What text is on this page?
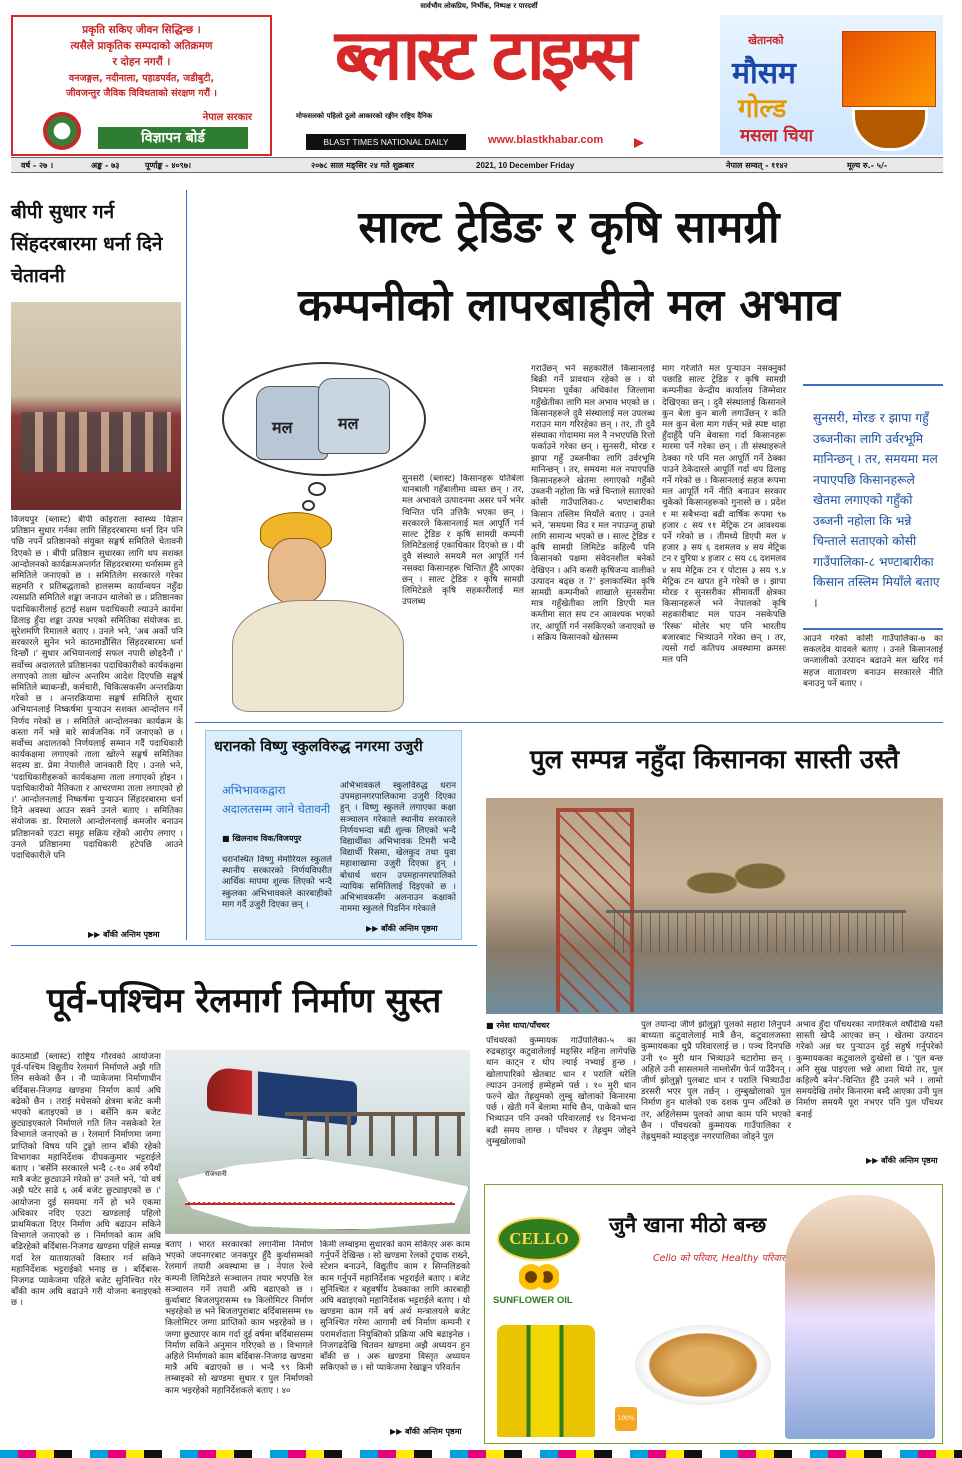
प्रकृति सकिए जीवन सिद्धिन्छ ।
त्यसैले प्राकृतिक सम्पदाको अतिक्रमण
र दोहन नगरौं ।
वनजङ्गल, नदीनाला, पहाडपर्वत, जडीबुटी,
जीवजन्तुर जैविक विविधताको संरक्षण गरौं ।
नेपाल सरकार
विज्ञापन बोर्ड
सार्वभौम लोकप्रिय, निर्भीक, निष्पक्ष र पारदर्शी
ब्लास्ट टाइम्स
मोफसलको पहिलो ठूलो आकारको रङ्गीन राष्ट्रिय दैनिक
BLAST TIMES NATIONAL DAILY	www.blastkhabar.com
खेतानको
मौसम
गोल्ड
मसला चिया
वर्ष - २७ ।	अङ्क - ७३	पूर्णाङ्क - ४०९७।	२०७८ साल मङ्सिर २४ गते शुक्रबार	2021, 10 December Friday	नेपाल सम्वत् - ११४२	मूल्य रु.- ५/-
बीपी सुधार गर्न सिंहदरबारमा धर्ना दिने चेतावनी
विजयपुर (ब्लास्ट) बीपी कोइराला स्वास्थ्य विज्ञान प्रतिष्ठान सुधार गर्नका लागि सिंहदरबारमा धर्ना दिन पनि पछि नपर्ने प्रतिष्ठानको संयुक्त सङ्घर्ष समितिले चेतावनी दिएको छ । बीपी प्रतिष्ठान सुधारका लागि थप सशक्त आन्दोलनको कार्यक्रमअन्तर्गत सिंहदरबारमा धर्नासम्म हुने समितिले जनाएको छ । समितिलेग सरकारले गरेका सहमति र प्रतिबद्धताको हालसम्म कार्यान्वयन नहुँदा त्यसप्रति समितिले शङ्का जनाउन थालेको छ । प्रतिष्ठानका पदाधिकारीलाई हटाई सक्षम पदाधिकारी ल्याउने कार्यमा ढिलाइ हुँदा शङ्का उत्पन्न भएको समितिका संयोजक डा. सुरेशमणि रिमालले बताए । उनले भने, 'अब अर्को पनि सरकारले सुनेन भने काठमाडौंसित सिंहदरबारमा धर्ना दिन्छौं ।' सुधार अभियानलाई सफल नपारी छोड्दैनौं ।' सर्वोच्च अदालतले प्रतिष्ठानका पदाधिकारीको कार्यकक्षमा लगाएको ताला खोल्न अन्तरिम आदेश दिएपछि सङ्घर्ष समितिले ब्याकन्डी, कर्मचारी, चिकित्सकसँग अन्तरक्रिया गरेको छ । अन्तरक्रियामा सङ्घर्ष समितिले सुधार अभियानलाई निष्कर्षमा पुऱ्याउन सशक्त आन्दोलन गर्ने निर्णय गरेको छ । समितिले आन्दोलनका कार्यक्रम के कस्ता गर्ने भन्ने बारे सार्वजनिक गर्ने जनाएको छ । सर्वोच्च अदालतको निर्णयलाई सम्मान गर्दै पदाधिकारी कार्यकक्षमा लगाएको ताला खोल्ने सङ्घर्ष समितिका सदस्य डा. प्रेमा नेपालीले जानकारी दिए । उनले भने, 'पदाधिकारीहरूको कार्यकक्षमा ताला लगाएको होइन । पदाधिकारीको नैतिकता र आचरणमा ताला लगाएको हो ।' आन्दोलनलाई निष्कर्षमा पुऱ्याउन सिंहदरबारमा धर्ना दिने अवस्था आउन सक्ने उनले बताए । समितिका संयोजक डा. रिमालले आन्दोलनलाई कमजोर बनाउन प्रतिष्ठानको एउटा समूह सक्रिय रहेको आरोप लगाए । उनले प्रतिष्ठानमा पदाधिकारी हटेपछि आउने पदाधिकारीले पनि
▶▶ बाँकी अन्तिम पृष्ठमा
साल्ट ट्रेडिङ र कृषि सामग्री
कम्पनीको लापरबाहीले मल अभाव
मल	मल
सुनसरी (ब्लास्ट) किसानहरू यतिबेला धानबाली गहँबालीमा व्यस्त छन् । तर, मल अभावले उत्पादनमा असर पर्ने भनेर चिन्तित पनि उत्तिकै भएका छन् । सरकारले किसानलाई मल आपूर्ति गर्न साल्ट ट्रेडिङ र कृषि सामग्री कम्पनी लिमिटेडलाई एकाधिकार दिएको छ । यी दुवै संस्थाले समयमै मल आपूर्ति गर्न नसक्दा किसानहरू चिन्तित हुँदै आएका छन् । साल्ट ट्रेडिङ र कृषि सामग्री लिमिटेडले कृषि सहकारीलाई मल उपलब्ध
गराउँछन् भने सहकारीले किसानलाई बिक्री गर्ने प्रावधान रहेको छ । यो नियमना पूर्वका अधिकांश जिल्लामा गहुँखेतीका लागि मल अभाव भएको छ । किसानहरूले दुवै संस्थालाई मल उपलब्ध गराउन माग गरिरहेका छन् । तर, ती दुवै संस्थाका गोदाममा मल नै नभएपछि रित्तो फर्काउने गरेका छन् । सुनसरी, मोरङ र झापा गहुँ उब्जनीका लागि उर्वरभूमि मानिन्छन् । तर, समयमा मल नपाएपछि किसानहरूले खेतमा लगाएको गहुँको उब्जनी नहोला कि भन्ने चिन्ताले सताएको कोसी गाउँपालिका-८ भण्टाबारीका किसान तस्लिम मियाँले बताए । उनले भने, 'समयमा विउ र मल नपाउन्जु हाम्रो लागि सामान्य भएको छ । साल्ट ट्रेडिङ र कृषि सामग्री लिमिटेड कहिल्यै पनि किसानको पक्षमा संवेदनशील बनेको देखिएन । अनि कसरी कृषिजन्य वालीको उत्पादन बढ्छ त ?' इलाकास्थित कृषि सामग्री कम्पनीको शाखाले सुनसरीमा मात्र गहुँखेतीका लागि डिएपी मल कम्तीमा सात सय टन आवश्यक भएको तर, आपूर्ति गर्न नसकिएको जनाएको छ । सक्रिय किसानको खेतसम्म
माग गरेजति मल पुऱ्याउन नसक्नुको पछाडि साल्ट ट्रेडिङ र कृषि सामग्री कम्पनीका केन्द्रीय कार्यालय जिम्मेवार देखिएका छन् । दुवै संस्थालाई किसानले कुन बेला कुन बाली लगाउँछन् र कति मल कुन बेला माग गर्छन् भन्ने स्पष्ट थाहा हुँदाहुँदै पनि बेवास्ता गर्दा किसानहरू मारमा पर्ने गरेका छन् । ती संस्थाहरूले ठेक्का गरे पनि मल आपूर्ति गर्ने ठेक्का पाउने ठेकेदारले आपूर्ति गर्दा थप ढिलाइ गर्ने गरेको छ । किसानलाई सहज रूपमा मल आपूर्ति गर्ने नीति बनाउन सरकार चुकेको किसानहरूको गुनासो छ । प्रदेश १ मा सबैभन्दा बढी वार्षिक रूपमा ९७ हजार ८ सय ११ मेट्रिक टन आवश्यक पर्ने गरेको छ । तीमध्ये डिएपी मल ४ हजार ३ सय ६ दशमलव ४ सय मेट्रिक टन र युरिया ४ हजार ८ सय ८६ दशमलव ४ सय मेट्रिक टन र पोटास ३ सय ९.४ मेट्रिक टन खपत हुने गरेको छ । झापा मोरङ र सुनसरीका सीमावर्ती क्षेत्रका किसानहरूले भने नेपालको कृषि सहकारीबाट मल पाउन नसकेपछि 'रिस्क' मोलेर भए पनि भारतीय बजारबाट भित्र्याउने गरेका छन् । तर, त्यसो गर्दा कतिपय अवस्थामा क्रमसः मल पनि
सुनसरी, मोरङ र झापा गहुँ उब्जनीका लागि उर्वरभूमि मानिन्छन् । तर, समयमा मल नपाएपछि किसानहरूले खेतमा लगाएको गहुँको उब्जनी नहोला कि भन्ने चिन्ताले सताएको कोसी गाउँपालिका-८ भण्टाबारीका किसान तस्लिम मियाँले बताए ।
आउने गरेको कोसी गाउँपालिका-७ का सकलदेव यादवले बताए । उनले किसानलाई जन्जालीको उत्पादन बढाउने मल खरिद गर्न सहज वातावरण बनाउन सरकारले नीति बनाउनु पर्ने बताए ।
धरानको विष्णु स्कुलविरुद्ध नगरमा उजुरी
अभिभावकद्वारा
अदालतसम्म जाने चेतावनी
■ खिलनाथ विक/विजयपुर
धरानस्थित विष्णु मेमोरियल स्कुलले स्थानीय सरकारको निर्णयविपरीत आर्थिक मापमा शुल्क लिएको भन्दै स्कुलका अभिभावकले कारबाहीको माग गर्दै उजुरी दिएका छन् ।
अभिभावकले स्कुलविरुद्ध धरान उपमहानगरपालिकामा उजुरी दिएका हुन् । विष्णु स्कुलले लगाएका कक्षा सञ्चालन गरेकाले स्थानीय सरकारले निर्णयभन्दा बढी शुल्क लिएको भन्दै विद्यार्थीका अभिभावक टिमरी भन्दै विद्यार्थी रिसमा, खेलकुद तथा युवा महाशाखामा उजुरी दिएका हुन् । बोधार्थ धरान उपमहानगरपालिको न्यायिक समितिलाई दिइएको छ । अभिभावकसँग अलनाउन कक्षाको नाममा स्कुलले पिडनिन गरेकाले
▶▶ बाँकी अन्तिम पृष्ठमा
पुल सम्पन्न नहुँदा किसानका सास्ती उस्तै
■ रमेश थापा/पाँचथर
पाँचथरको कुम्मायक गाउँपालिका-५ का रुद्रबहादुर कटुवालेलाई मङ्सिर महिना लागेपछि धान काट्न र घोप ल्याई नभ्याई हुन्छ । खोलापारिको खेतबाट धान र परालि धरेलि ल्याउन उनलाई हम्मेहम्मे पर्छ । १० मुरी धान फल्ने खेत तेह्रथुमको लुम्बु खोलाको किनारमा पर्छ । खेती गर्ने बेलामा माथि छैन, पाकेको धान भित्र्याउन पनि उनको परिवारलाई १४ दिनभन्दा बढी समय लाग्छ । पाँचथर र तेह्रथुम जोड्ने लुम्बुखोलाको
पुल तयान्दा जीर्ण झोलुङ्गो पुलको सहारा लिनुपर्ने बाध्यता कटुवालेलाई मात्रै छैन, कटुवालजस्ता कुम्मायकका थुप्रै परिवारलाई छ । पञ्च दिनपछि उनी १० मुरी धान भित्र्याउने चटारोमा छन् । अहिले उनी सासलमले नाम्लोसँग फेर्न पाउँदैनन् । जीर्ण झोलुङ्गो पुलबाट धान र परालि भित्र्याउँदा डरसरी भएर पुल तर्छन् । लुम्बुखोलाको पुल निर्माण हुन थालेको एक दशक पुग्न आँटेको छ तर, अहिलेसम्म पुलको आधा काम पनि भएको छैन । पाँचथरको कुम्मायक गाउँपालिका र तेह्रथुमको म्याङ्लुङ नगरपालिका जोड्ने पुल
अभाव हुँदा पाँचथरका नागरिकले वर्षौंदेखि यस्तै सास्ती खेप्दै आएका छन् । खेतमा उत्पादन गरेको अन्न घर पुऱ्याउन दुई सहुर्ष गर्नुपरेको कुम्मायकका कटुवालले दुःखेसो छ । 'पुल बन्छ अनि सुख पाइएला भन्ने आशा थियो तर, पुल कहिल्यै बनेन'-चिन्तित हुँदै उनले भने । लामो समयदेखि तमोर किनारमा बस्दै आएका उनी पुल निर्माण समयमै पूरा नभएर पनि पुल पाँचथर बनाई
▶▶ बाँकी अन्तिम पृष्ठमा
पूर्व-पश्चिम रेलमार्ग निर्माण सुस्त
काठमाडौं (ब्लास्ट) राष्ट्रिय गौरवको आयोजना पूर्व-पश्चिम विद्युतीय रेलमार्ग निर्माणले अझै गति लिन सकेको छैन । नौ प्याकेजमा निर्माणाधीन बर्दिबास-निजगढ खण्डमा निर्माण कार्य अघि बढेको छैन । तराई मधेसको क्षेत्रमा बजेट कमी भएको बताइएको छ । बर्सेनि कम बजेट छुट्याइएकाले निर्माणले गति लिन नसकेको रेल विभागले जनाएको छ । रेलमार्ग निर्माणमा जग्गा प्राप्तिको विषय पनि टुङ्गो लाग्न बाँकी रहेको विभागका महानिर्देशक दीपककुमार भट्टराईले बताए । 'बर्सेनि सरकारले भन्दै ८-१० अर्ब रुपैयाँ मात्रै बजेट छुट्याउने गरेको छ' उनले भने, 'यो वर्ष अझै घटेर साढे ६ अर्ब बजेट छुट्याइएको छ ।' आयोजना दुई समयमा गर्ने हो भने एकमा अधिकार नदिए एउटा खण्डलाई पहिलो प्राथमिकता दिएर निर्माण अघि बढाउन सकिने विभागले जनाएको छ । निर्माणको काम अघि बढिरहेको बर्दिबास-निजगढ खण्डमा पहिले सम्पन्न गर्दा रेल यातायातको विस्तार गर्न सकिने महानिर्देशक भट्टराईको भनाइ छ । बर्दिबास-निजगढ प्याकेजमा पहिले बजेट सुनिश्चित गरेर बाँकी काम अघि बढाउने गरी योजना बनाइएको छ ।
राजधानी
बताए । भारत सरकारको लगानीमा निर्माण भएको जयनगरबाट जनकपुर हुँदै कुर्थासम्मको रेलमार्ग तयारी अवस्थामा छ । नेपाल रेल्वे कम्पनी लिमिटेडले सञ्चालन तयार भएपछि रेल सञ्चालन गर्ने तयारी अघि बढाएको छ । कुर्थाबाट बिजलपुरासम्म १७ किलोमिटर निर्माण भइरहेको छ भने बिजलपुराबाट बर्दिबाससम्म १७ किलोमिटर जग्गा प्राप्तिको काम भइरहेको छ । जग्गा छुट्याएर काम गर्दा दुई वर्षमा बर्दिबाससम्म निर्माण सकिने अनुमान गरिएको छ । विभागले अहिले निर्माणको काम बर्दिबास-निजगढ खण्डमा मात्रै अघि बढाएको छ । भन्दै ९९ किमी लम्बाइको सो खण्डमा सुधार र पुल निर्माणको काम भइरहेको महानिर्देशकले बताए । ४०
किमी लम्बाइमा सुधारको काम सकिएर अरू काम गर्नुपर्ने देखिन्छ । सो खण्डमा रेलको ट्र्याक राख्ने, स्टेशन बनाउने, विद्युतीय काम र सिग्नलिङको काम गर्नुपर्ने महानिर्देशक भट्टराईले बताए । बजेट सुनिश्चित र बहुवर्षीय ठेक्काका लागि कारबाही अघि बढाइएको महानिर्देशक भट्टराईले बताए । यो खण्डमा काम गर्ने बर्ष अर्थ मन्त्रालयले बजेट सुनिश्चित गरेमा आगामी वर्ष निर्माण कम्पनी र परामर्शदाता नियुक्तिको प्रक्रिया अघि बढाइनेछ । निजगढदेखि चितवन खण्डमा अझै अध्ययन हुन बाँकी छ । अरू खण्डमा विस्तृत अध्ययन सकिएको छ । सो प्याकेजमा रेखाङ्कन परिवर्तन
▶▶ बाँकी अन्तिम पृष्ठमा
CELLO
SUNFLOWER OIL
जुनै खाना मीठो बन्छ
Cello को परिवार, Healthy परिवार
100%
